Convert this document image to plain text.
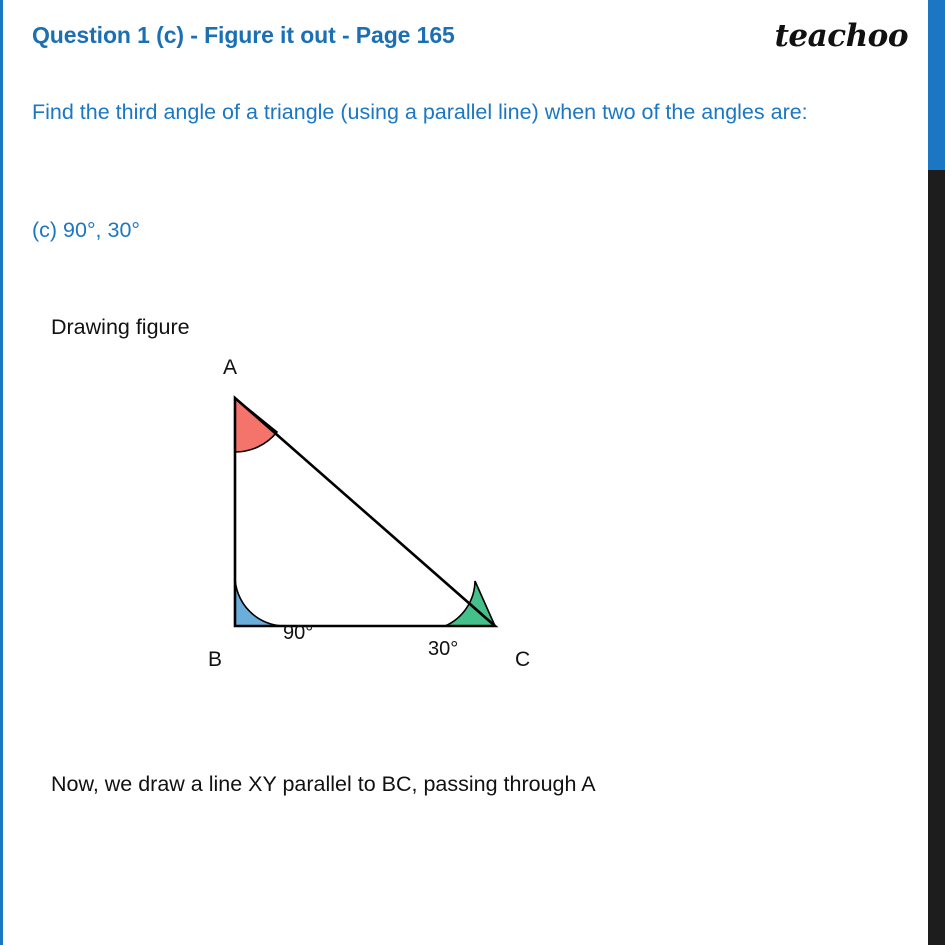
Question 1 (c) - Figure it out - Page 165	teachoo
Find the third angle of a triangle (using a parallel line) when two of the angles are:
(c) 90°, 30°
Drawing figure
A
B	C
90°
30°
Now, we draw a line XY parallel to BC, passing through A
